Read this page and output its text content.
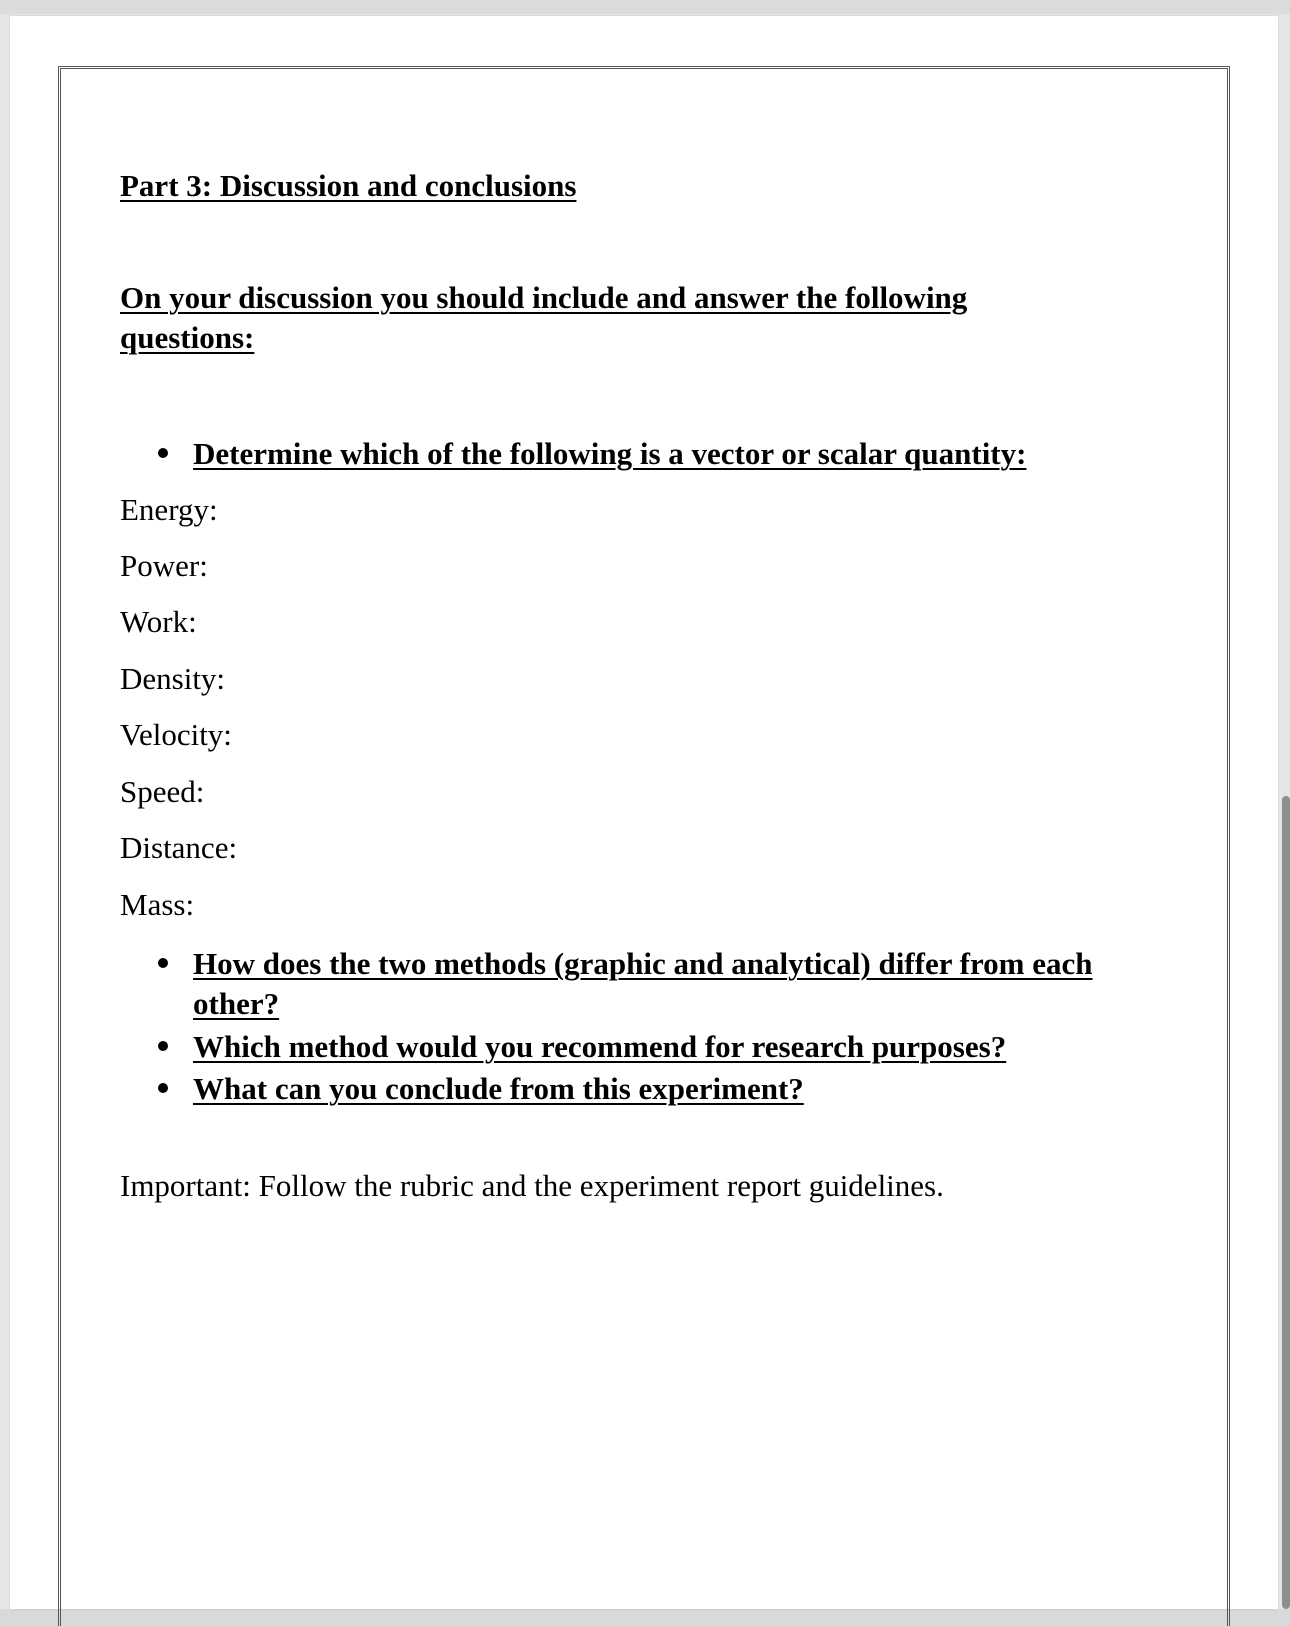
Part 3: Discussion and conclusions
On your discussion you should include and answer the following
questions:
Determine which of the following is a vector or scalar quantity:
Energy:
Power:
Work:
Density:
Velocity:
Speed:
Distance:
Mass:
How does the two methods (graphic and analytical) differ from each
other?
Which method would you recommend for research purposes?
What can you conclude from this experiment?
Important: Follow the rubric and the experiment report guidelines.
